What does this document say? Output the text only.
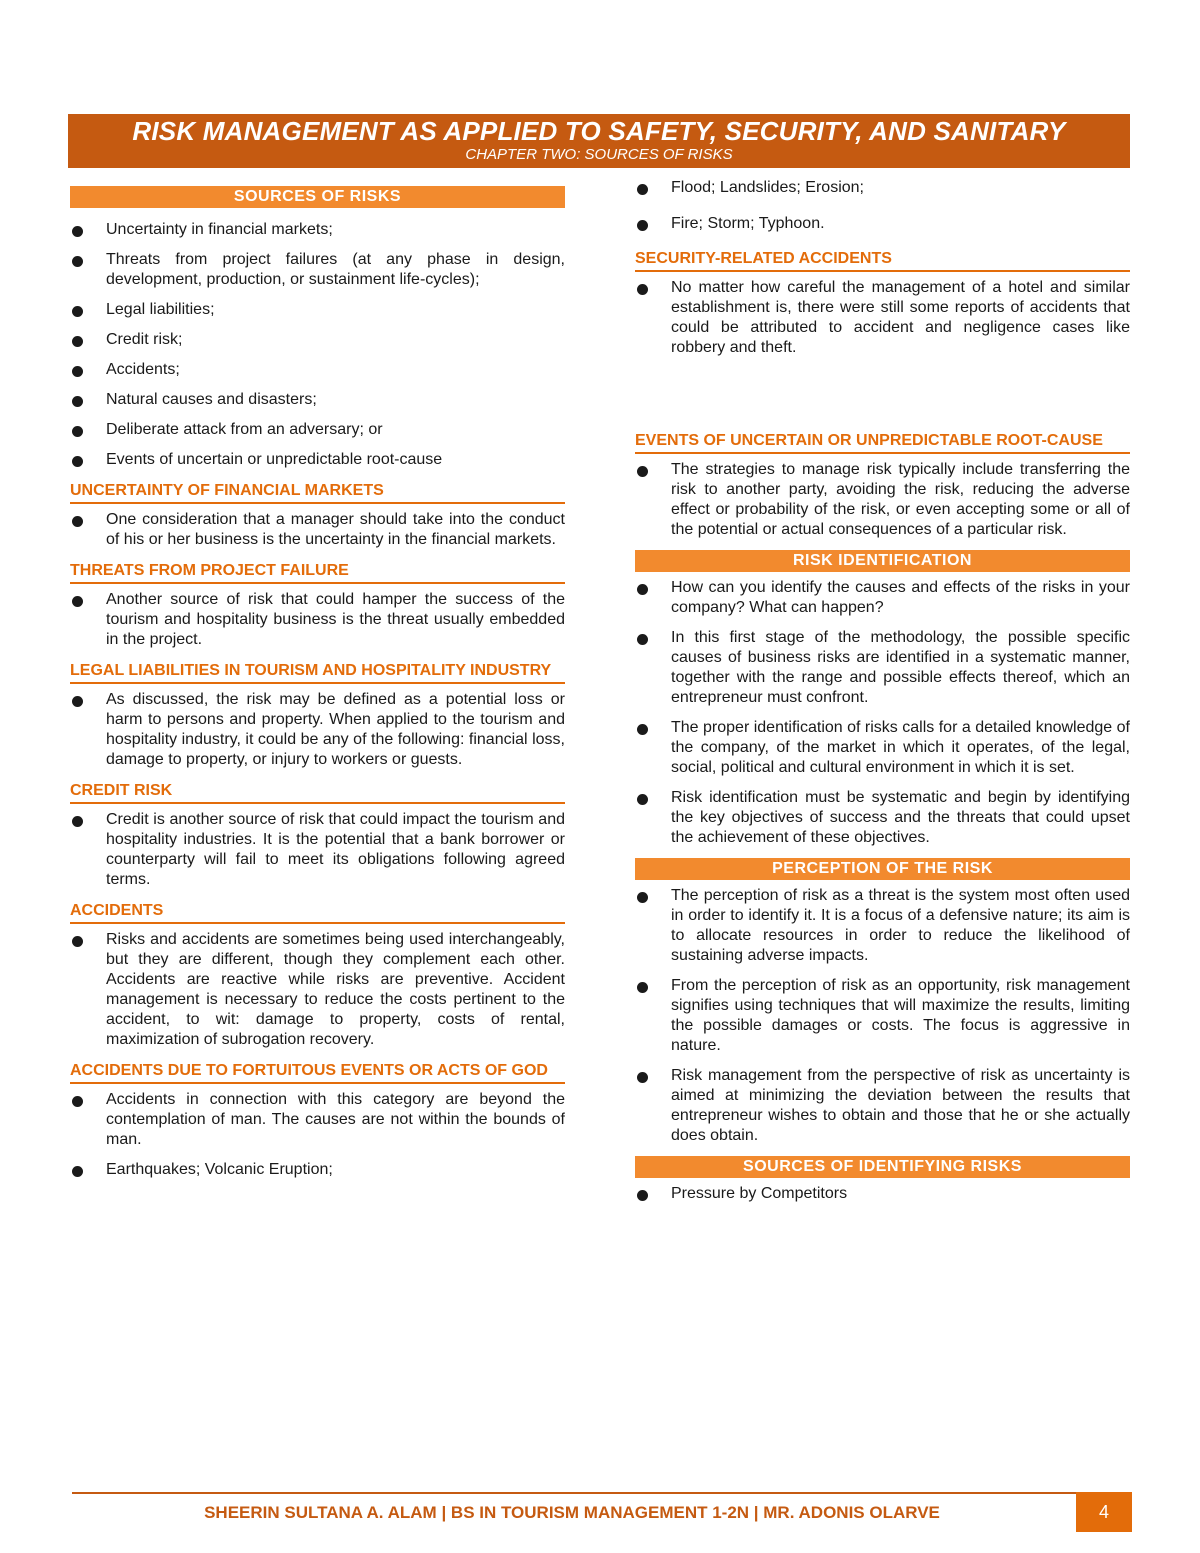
RISK MANAGEMENT AS APPLIED TO SAFETY, SECURITY, AND SANITARY
CHAPTER TWO: SOURCES OF RISKS
SOURCES OF RISKS
Uncertainty in financial markets;
Threats from project failures (at any phase in design, development, production, or sustainment life-cycles);
Legal liabilities;
Credit risk;
Accidents;
Natural causes and disasters;
Deliberate attack from an adversary; or
Events of uncertain or unpredictable root-cause
UNCERTAINTY OF FINANCIAL MARKETS
One consideration that a manager should take into the conduct of his or her business is the uncertainty in the financial markets.
THREATS FROM PROJECT FAILURE
Another source of risk that could hamper the success of the tourism and hospitality business is the threat usually embedded in the project.
LEGAL LIABILITIES IN TOURISM AND HOSPITALITY INDUSTRY
As discussed, the risk may be defined as a potential loss or harm to persons and property. When applied to the tourism and hospitality industry, it could be any of the following: financial loss, damage to property, or injury to workers or guests.
CREDIT RISK
Credit is another source of risk that could impact the tourism and hospitality industries. It is the potential that a bank borrower or counterparty will fail to meet its obligations following agreed terms.
ACCIDENTS
Risks and accidents are sometimes being used interchangeably, but they are different, though they complement each other. Accidents are reactive while risks are preventive. Accident management is necessary to reduce the costs pertinent to the accident, to wit: damage to property, costs of rental, maximization of subrogation recovery.
ACCIDENTS DUE TO FORTUITOUS EVENTS OR ACTS OF GOD
Accidents in connection with this category are beyond the contemplation of man. The causes are not within the bounds of man.
Earthquakes; Volcanic Eruption;
Flood; Landslides; Erosion;
Fire; Storm; Typhoon.
SECURITY-RELATED ACCIDENTS
No matter how careful the management of a hotel and similar establishment is, there were still some reports of accidents that could be attributed to accident and negligence cases like robbery and theft.
EVENTS OF UNCERTAIN OR UNPREDICTABLE ROOT-CAUSE
The strategies to manage risk typically include transferring the risk to another party, avoiding the risk, reducing the adverse effect or probability of the risk, or even accepting some or all of the potential or actual consequences of a particular risk.
RISK IDENTIFICATION
How can you identify the causes and effects of the risks in your company? What can happen?
In this first stage of the methodology, the possible specific causes of business risks are identified in a systematic manner, together with the range and possible effects thereof, which an entrepreneur must confront.
The proper identification of risks calls for a detailed knowledge of the company, of the market in which it operates, of the legal, social, political and cultural environment in which it is set.
Risk identification must be systematic and begin by identifying the key objectives of success and the threats that could upset the achievement of these objectives.
PERCEPTION OF THE RISK
The perception of risk as a threat is the system most often used in order to identify it. It is a focus of a defensive nature; its aim is to allocate resources in order to reduce the likelihood of sustaining adverse impacts.
From the perception of risk as an opportunity, risk management signifies using techniques that will maximize the results, limiting the possible damages or costs. The focus is aggressive in nature.
Risk management from the perspective of risk as uncertainty is aimed at minimizing the deviation between the results that entrepreneur wishes to obtain and those that he or she actually does obtain.
SOURCES OF IDENTIFYING RISKS
Pressure by Competitors
SHEERIN SULTANA A. ALAM | BS IN TOURISM MANAGEMENT 1-2N | MR. ADONIS OLARVE	4
